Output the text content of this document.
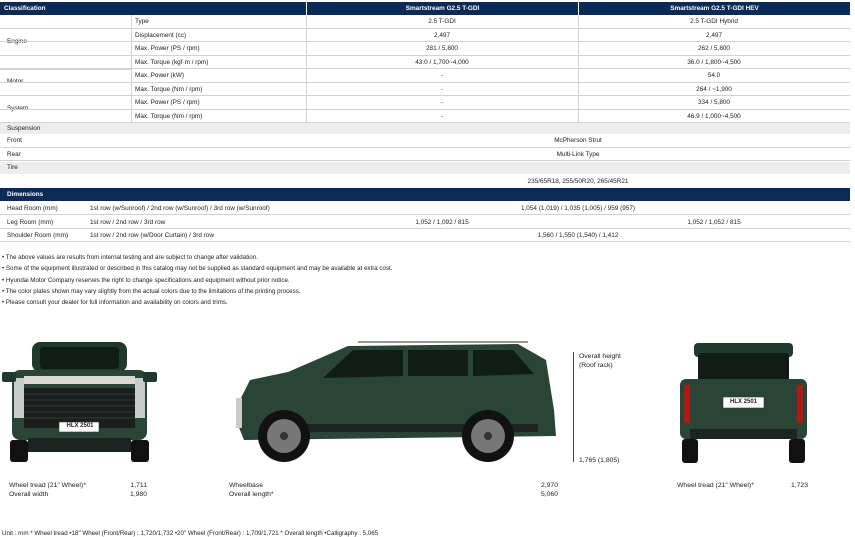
Classification	Smartstream G2.5 T-GDI	Smartstream G2.5 T-GDI HEV
Engine
Type	2.5 T-GDI	2.5 T-GDI Hybrid
Displacement (cc)	2,497	2,497
Max. Power (PS / rpm)	281 / 5,800	262 / 5,800
Max. Torque (kgf·m / rpm)	43.0 / 1,700~4,000	36.0 / 1,800~4,500
Motor
Max. Power (kW)	-	54.0
Max. Torque (Nm / rpm)	-	264 / ~1,900
System
Max. Power (PS / rpm)	-	334 / 5,800
Max. Torque (Nm / rpm)	-	46.9 / 1,000~4,500
Suspension
Front	McPherson Strut
Rear	Multi-Link Type
Tire
235/65R18, 255/50R20, 265/45R21
Dimensions
Head Room (mm)	1st row (w/Sunroof) / 2nd row (w/Sunroof) / 3rd row (w/Sunroof)	1,054 (1,019) / 1,035 (1,005) / 959 (957)
Leg Room (mm)	1st row / 2nd row / 3rd row	1,052 / 1,092 / 815	1,052 / 1,052 / 815
Shoulder Room (mm)	1st row / 2nd row (w/Door Curtain) / 3rd row	1,560 / 1,550 (1,540) / 1,412
• The above values are results from internal testing and are subject to change after validation.
• Some of the equipment illustrated or described in this catalog may not be supplied as standard equipment and may be available at extra cost.
• Hyundai Motor Company reserves the right to change specifications and equipment without prior notice.
• The color plates shown may vary slightly from the actual colors due to the limitations of the printing process.
• Please consult your dealer for full information and availability on colors and trims.
HLX 2501
Wheel tread (21" Wheel)*	1,711
Overall width	1,980
Overall height
(Roof rack)
1,765 (1,805)
Wheelbase	2,970
Overall length*	5,060
HLX 2501
Wheel tread (21" Wheel)*	1,723
Unit : mm * Wheel tread •18" Wheel (Front/Rear) : 1,720/1,732 •20" Wheel (Front/Rear) : 1,709/1,721 * Overall length •Calligraphy : 5,065
